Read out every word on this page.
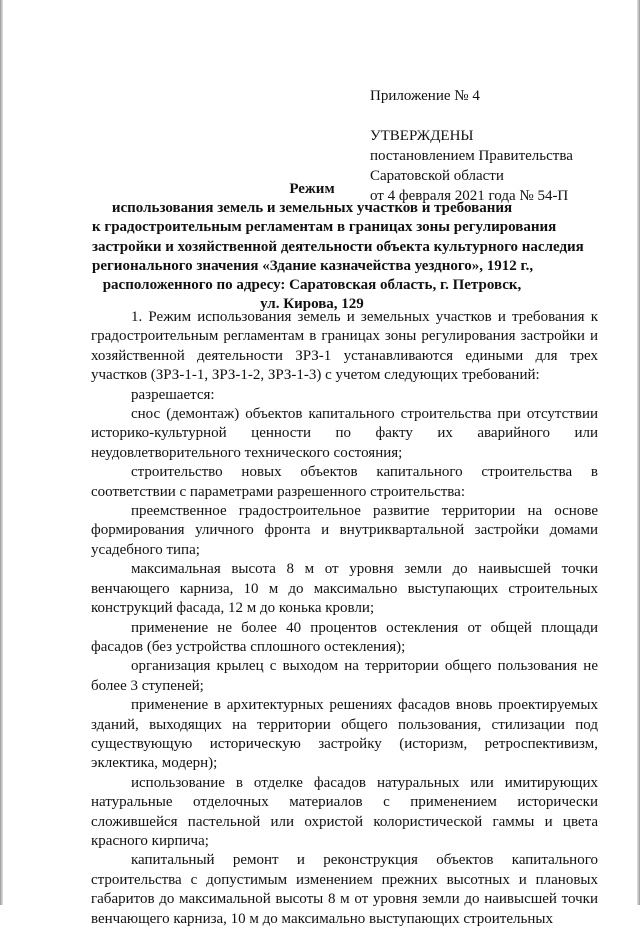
Приложение № 4
УТВЕРЖДЕНЫ
постановлением Правительства
Саратовской области
от 4 февраля 2021 года № 54-П
Режим
использования земель и земельных участков и требования
к градостроительным регламентам в границах зоны регулирования
застройки и хозяйственной деятельности объекта культурного наследия
регионального значения «Здание казначейства уездного», 1912 г.,
расположенного по адресу: Саратовская область, г. Петровск,
ул. Кирова, 129

1. Режим использования земель и земельных участков и требования к градостроительным регламентам в границах зоны регулирования застройки и хозяйственной деятельности ЗРЗ-1 устанавливаются едиными для трех участков (ЗРЗ-1-1, ЗРЗ-1-2, ЗРЗ-1-3) с учетом следующих требований:

разрешается:

снос (демонтаж) объектов капитального строительства при отсутствии историко-культурной ценности по факту их аварийного или неудовлетворительного технического состояния;

строительство новых объектов капитального строительства в соответствии с параметрами разрешенного строительства:

преемственное градостроительное развитие территории на основе формирования уличного фронта и внутриквартальной застройки домами усадебного типа;

максимальная высота 8 м от уровня земли до наивысшей точки венчающего карниза, 10 м до максимально выступающих строительных конструкций фасада, 12 м до конька кровли;

применение не более 40 процентов остекления от общей площади фасадов (без устройства сплошного остекления);

организация крылец с выходом на территории общего пользования не более 3 ступеней;

применение в архитектурных решениях фасадов вновь проектируемых зданий, выходящих на территории общего пользования, стилизации под существующую историческую застройку (историзм, ретроспективизм, эклектика, модерн);

использование в отделке фасадов натуральных или имитирующих натуральные отделочных материалов с применением исторически сложившейся пастельной или охристой колористической гаммы и цвета красного кирпича;

капитальный ремонт и реконструкция объектов капитального строительства с допустимым изменением прежних высотных и плановых габаритов до максимальной высоты 8 м от уровня земли до наивысшей точки венчающего карниза, 10 м до максимально выступающих строительных
